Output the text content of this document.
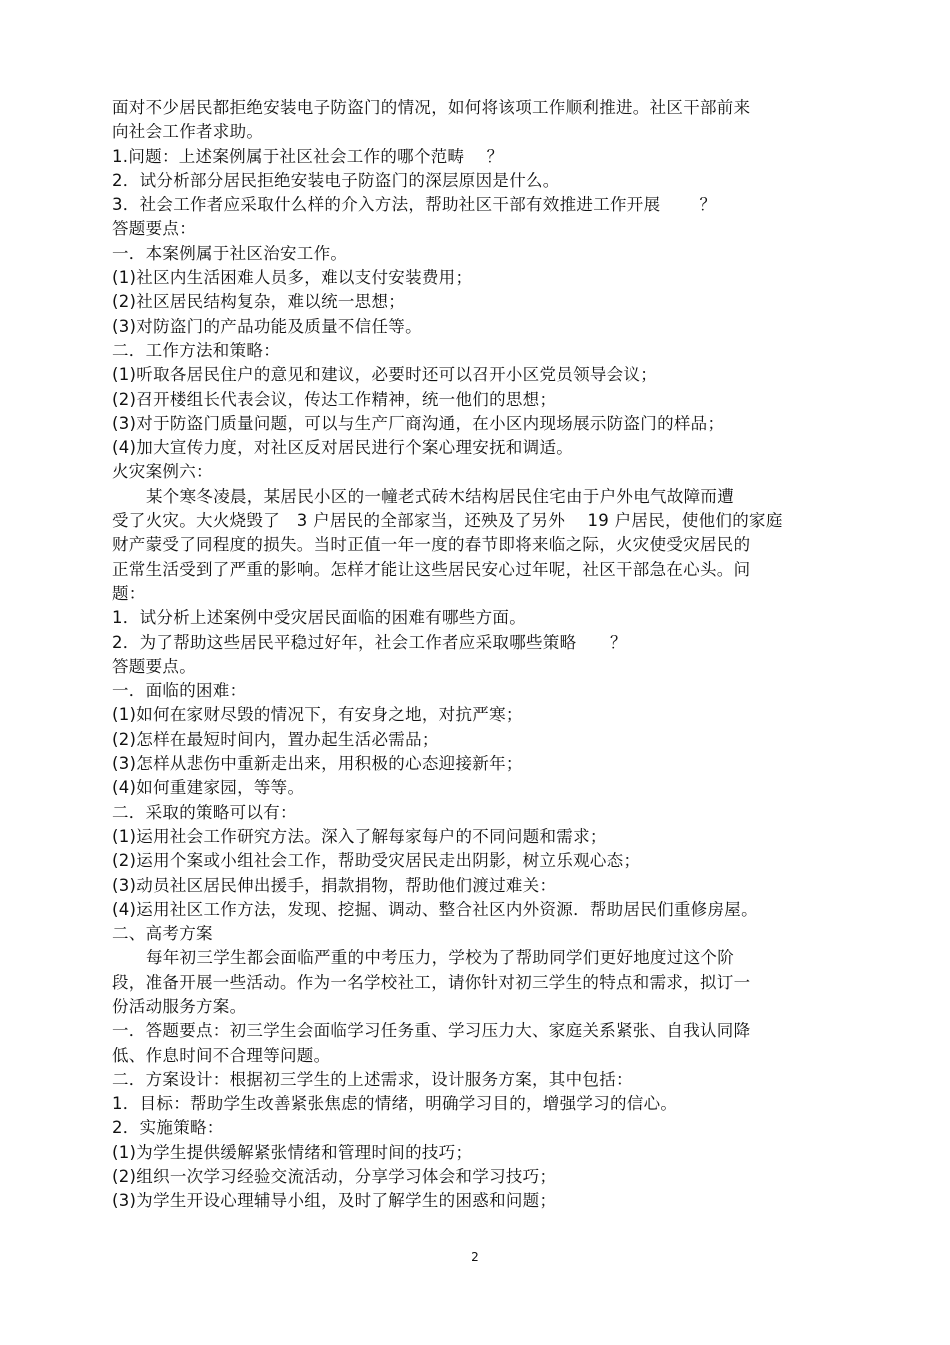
面对不少居民都拒绝安装电子防盗门的情况，如何将该项工作顺利推进。社区干部前来
向社会工作者求助。
1.问题：上述案例属于社区社会工作的哪个范畴　 ？
2．试分析部分居民拒绝安装电子防盗门的深层原因是什么。
3．社会工作者应采取什么样的介入方法，帮助社区干部有效推进工作开展　　 ？
答题要点：
一．本案例属于社区治安工作。
(1)社区内生活困难人员多，难以支付安装费用；
(2)社区居民结构复杂，难以统一思想；
(3)对防盗门的产品功能及质量不信任等。
二．工作方法和策略：
(1)听取各居民住户的意见和建议，必要时还可以召开小区党员领导会议；
(2)召开楼组长代表会议，传达工作精神，统一他们的思想；
(3)对于防盗门质量问题，可以与生产厂商沟通，在小区内现场展示防盗门的样品；
(4)加大宣传力度，对社区反对居民进行个案心理安抚和调适。
火灾案例六：
某个寒冬凌晨，某居民小区的一幢老式砖木结构居民住宅由于户外电气故障而遭
受了火灾。大火烧毁了　3 户居民的全部家当，还殃及了另外　 19 户居民，使他们的家庭
财产蒙受了同程度的损失。当时正值一年一度的春节即将来临之际，火灾使受灾居民的
正常生活受到了严重的影响。怎样才能让这些居民安心过年呢，社区干部急在心头。问
题：
1．试分析上述案例中受灾居民面临的困难有哪些方面。
2．为了帮助这些居民平稳过好年，社会工作者应采取哪些策略　　？
答题要点。
一．面临的困难：
(1)如何在家财尽毁的情况下，有安身之地，对抗严寒；
(2)怎样在最短时间内，置办起生活必需品；
(3)怎样从悲伤中重新走出来，用积极的心态迎接新年；
(4)如何重建家园，等等。
二．采取的策略可以有：
(1)运用社会工作研究方法。深入了解每家每户的不同问题和需求；
(2)运用个案或小组社会工作，帮助受灾居民走出阴影，树立乐观心态；
(3)动员社区居民伸出援手，捐款捐物，帮助他们渡过难关：
(4)运用社区工作方法，发现、挖掘、调动、整合社区内外资源．帮助居民们重修房屋。
二、高考方案
每年初三学生都会面临严重的中考压力，学校为了帮助同学们更好地度过这个阶
段，准备开展一些活动。作为一名学校社工，请你针对初三学生的特点和需求，拟订一
份活动服务方案。
一．答题要点：初三学生会面临学习任务重、学习压力大、家庭关系紧张、自我认同降
低、作息时间不合理等问题。
二．方案设计：根据初三学生的上述需求，设计服务方案，其中包括：
1．目标：帮助学生改善紧张焦虑的情绪，明确学习目的，增强学习的信心。
2．实施策略：
(1)为学生提供缓解紧张情绪和管理时间的技巧；
(2)组织一次学习经验交流活动，分享学习体会和学习技巧；
(3)为学生开设心理辅导小组，及时了解学生的困惑和问题；
2
